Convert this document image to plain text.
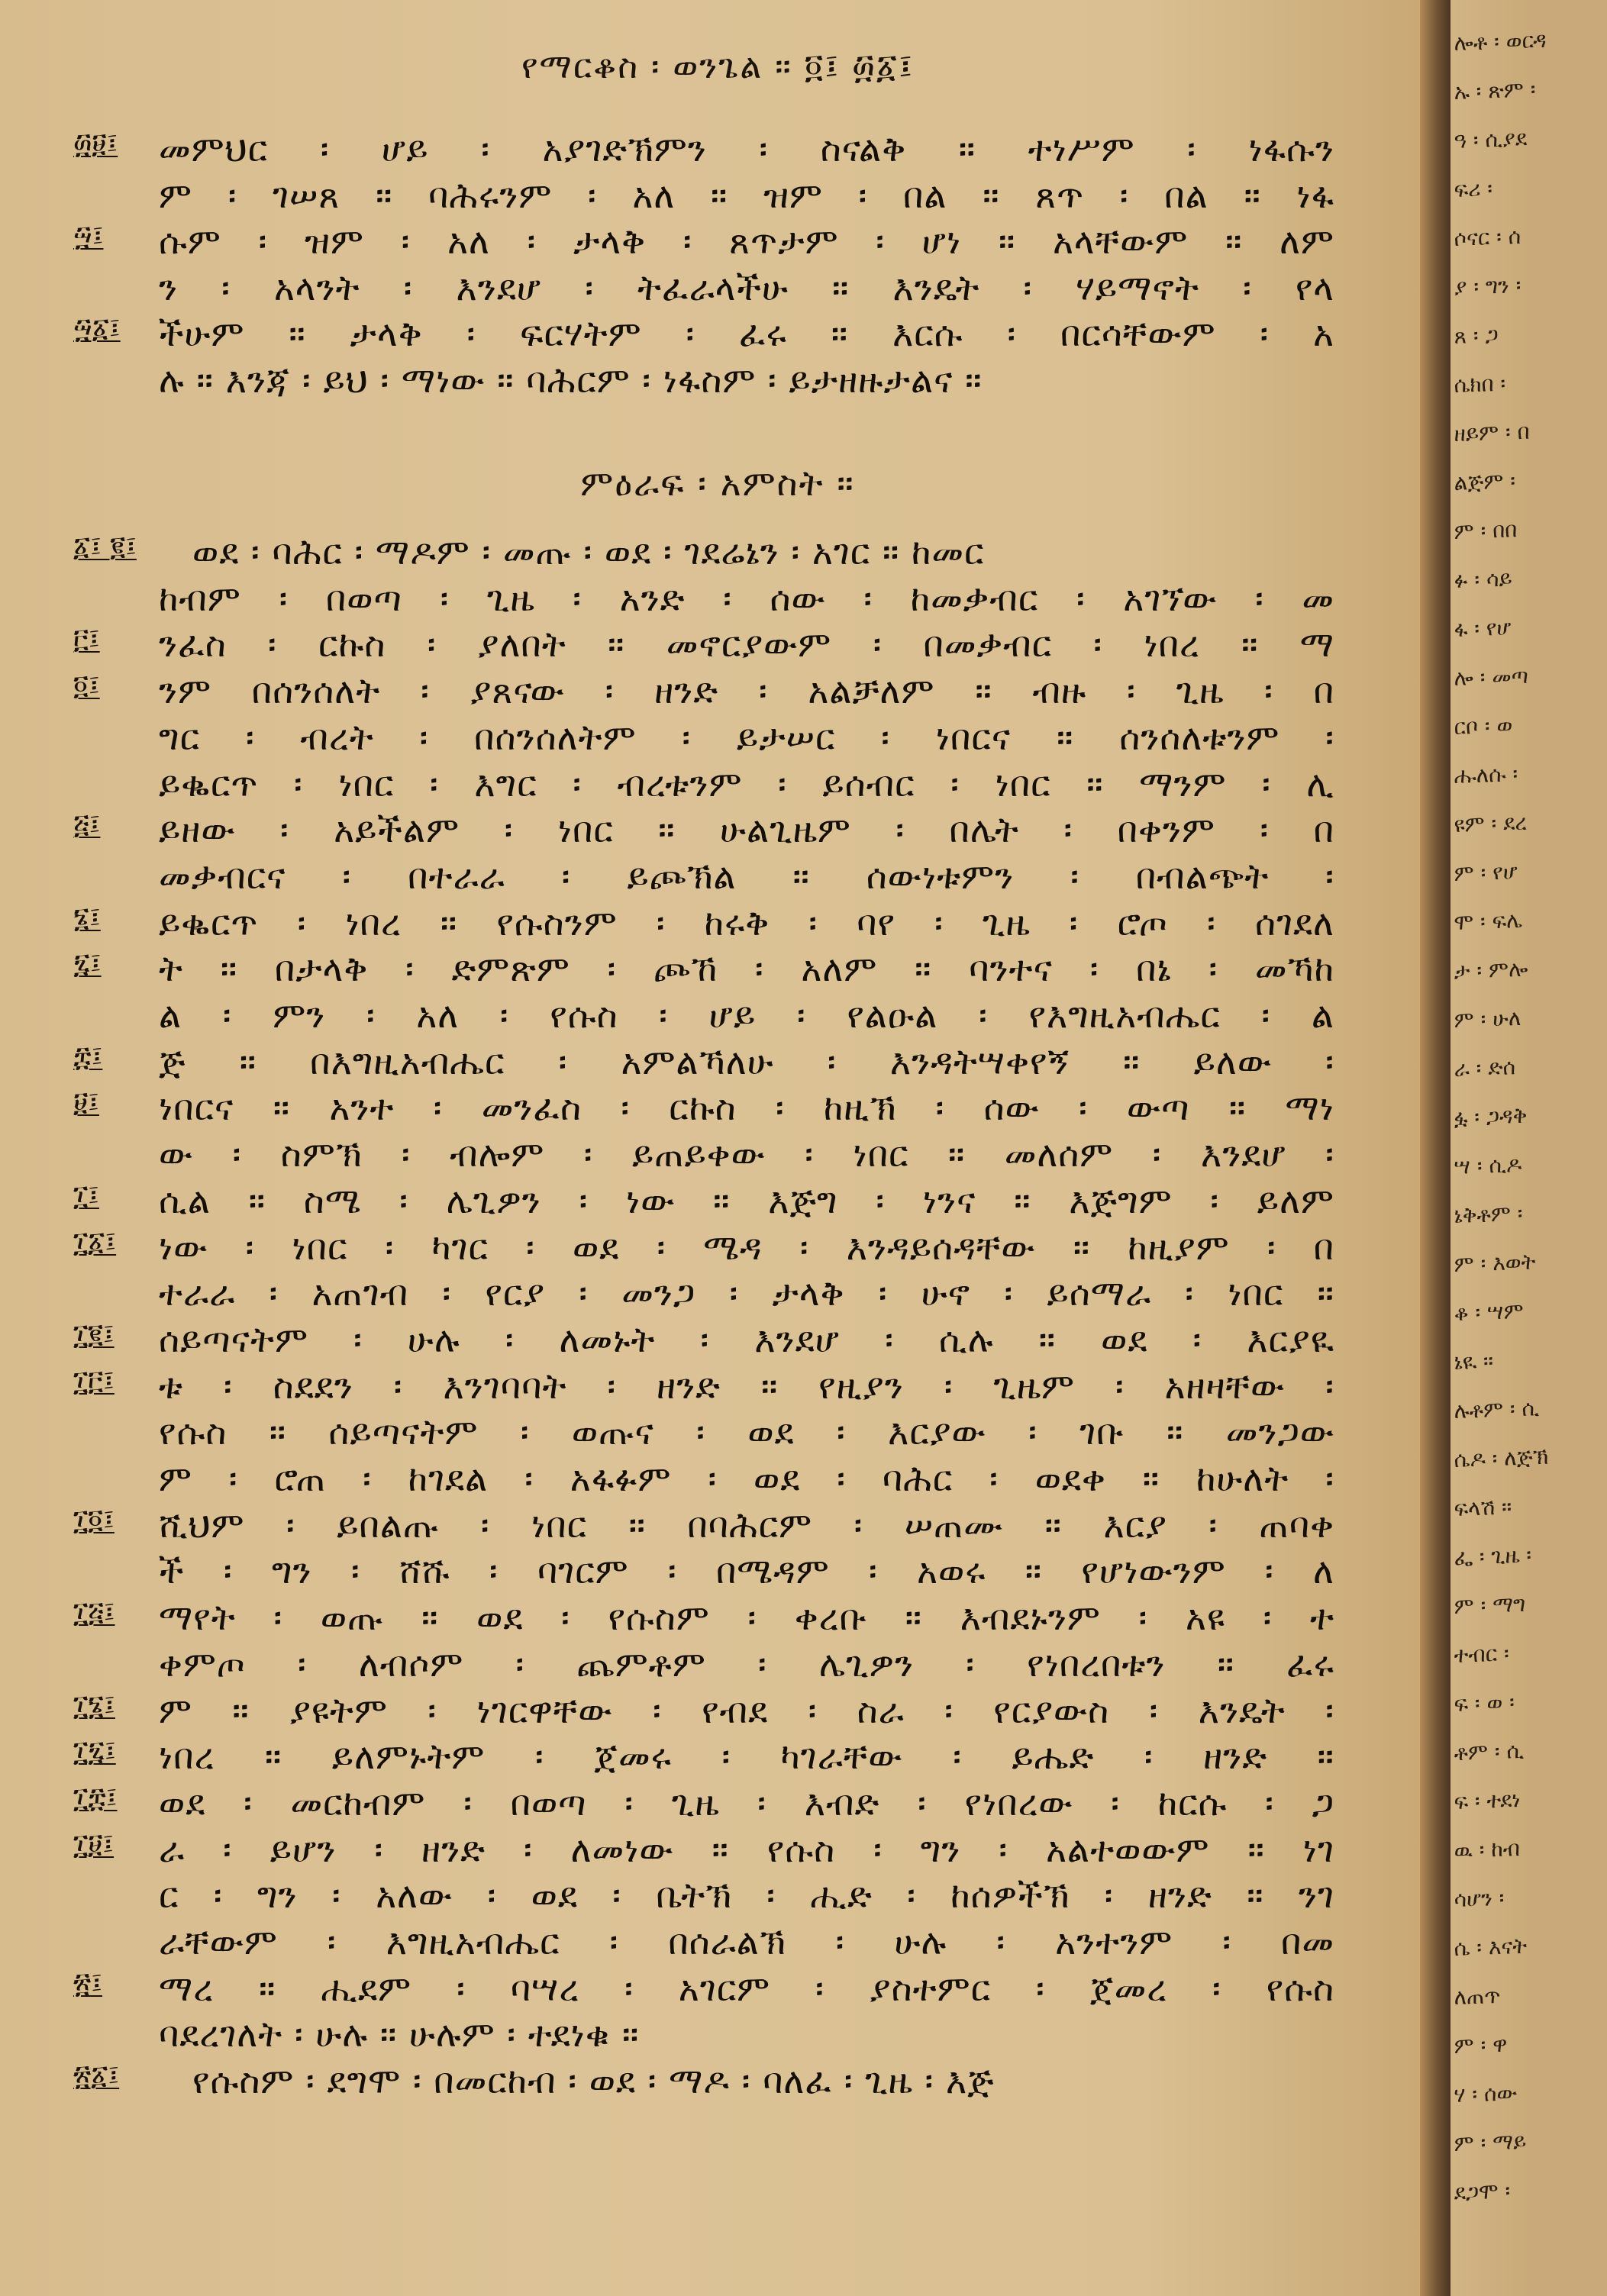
የማርቆስ ፡ ወንጌል ። ፬፤ ፴፩፤
፴፱፤ መምህር ፡ ሆይ ፡ አያገድኽምን ፡ ስናልቅ ። ተነሥም ፡ ነፋሱን
ም ፡ ገሠጸ ። ባሕሩንም ፡ አለ ። ዝም ፡ በል ። ጸጥ ፡ በል ። ነፋ
፵፤ ሱም ፡ ዝም ፡ አለ ፡ ታላቅ ፡ ጸጥታም ፡ ሆነ ። አላቸውም ። ለም
ን ፡ አላንት ፡ እንደሆ ፡ ትፈራላችሁ ። እንዴት ፡ ሃይማኖት ፡ የላ
፵፩፤ ችሁም ። ታላቅ ፡ ፍርሃትም ፡ ፈሩ ። እርሱ ፡ በርሳቸውም ፡ አ
ሉ ። እንጃ ፡ ይህ ፡ ማነው ። ባሕርም ፡ ነፋስም ፡ ይታዘዙታልና ።
፩፤ ፪፤ ወደ ፡ ባሕር ፡ ማዶም ፡ መጡ ፡ ወደ ፡ ገደሬኔን ፡ አገር ። ከመር
ከብም ፡ በወጣ ፡ ጊዜ ፡ አንድ ፡ ሰው ፡ ከመቃብር ፡ አገኘው ፡ መ
፫፤ ንፈስ ፡ ርኩስ ፡ ያለበት ። መኖርያውም ፡ በመቃብር ፡ ነበረ ። ማ
፬፤ ንም በሰንሰለት ፡ ያጸናው ፡ ዘንድ ፡ አልቻለም ። ብዙ ፡ ጊዜ ፡ በ
ግር ፡ ብረት ፡ በሰንሰለትም ፡ ይታሠር ፡ ነበርና ። ሰንሰለቱንም ፡
ይቈርጥ ፡ ነበር ፡ እግር ፡ ብረቱንም ፡ ይሰብር ፡ ነበር ። ማንም ፡ ሊ
፭፤ ይዘው ፡ አይችልም ፡ ነበር ። ሁልጊዜም ፡ በሌት ፡ በቀንም ፡ በ
መቃብርና ፡ በተራራ ፡ ይጮኽል ። ሰውነቱምን ፡ በብልጭት ፡
፮፤ ይቈርጥ ፡ ነበረ ። የሱስንም ፡ ከሩቅ ፡ ባየ ፡ ጊዜ ፡ ሮጦ ፡ ሰገደለ
፯፤ ት ። በታላቅ ፡ ድምጽም ፡ ጮኸ ፡ አለም ። ባንተና ፡ በኔ ፡ መኻከ
ል ፡ ምን ፡ አለ ፡ የሱስ ፡ ሆይ ፡ የልዑል ፡ የእግዚአብሔር ፡ ል
፰፤ ጅ ። በእግዚአብሔር ፡ አምልኻለሁ ፡ እንዳትሣቀየኝ ። ይለው ፡
፱፤ ነበርና ። አንተ ፡ መንፈስ ፡ ርኩስ ፡ ከዚኽ ፡ ሰው ፡ ውጣ ። ማነ
ው ፡ ስምኽ ፡ ብሎም ፡ ይጠይቀው ፡ ነበር ። መለሰም ፡ እንደሆ ፡
፲፤ ሲል ። ስሜ ፡ ሌጊዎን ፡ ነው ። እጅግ ፡ ነንና ። እጅግም ፡ ይለም
፲፩፤ ነው ፡ ነበር ፡ ካገር ፡ ወደ ፡ ሜዳ ፡ እንዳይሰዳቸው ። ከዚያም ፡ በ
ተራራ ፡ አጠገብ ፡ የርያ ፡ መንጋ ፡ ታላቅ ፡ ሁኖ ፡ ይሰማራ ፡ ነበር ።
፲፪፤ ሰይጣናትም ፡ ሁሉ ፡ ለመኑት ፡ እንደሆ ፡ ሲሉ ። ወደ ፡ እርያዪ
፲፫፤ ቱ ፡ ስደደን ፡ እንገባባት ፡ ዘንድ ። የዚያን ፡ ጊዜም ፡ አዘዛቸው ፡
የሱስ ። ሰይጣናትም ፡ ወጡና ፡ ወደ ፡ እርያው ፡ ገቡ ። መንጋው
ም ፡ ሮጠ ፡ ከገደል ፡ አፋፉም ፡ ወደ ፡ ባሕር ፡ ወደቀ ። ከሁለት ፡
፲፬፤ ሺህም ፡ ይበልጡ ፡ ነበር ። በባሕርም ፡ ሠጠሙ ። እርያ ፡ ጠባቀ
ች ፡ ግን ፡ ሸሹ ፡ ባገርም ፡ በሜዳም ፡ አወሩ ። የሆነውንም ፡ ለ
፲፭፤ ማየት ፡ ወጡ ። ወደ ፡ የሱስም ፡ ቀረቡ ። እብደኑንም ፡ አዩ ፡ ተ
ቀምጦ ፡ ለብሶም ፡ ጨምቶም ፡ ሌጊዎን ፡ የነበረበቱን ። ፈሩ
፲፮፤ ም ። ያዩትም ፡ ነገርዋቸው ፡ የብደ ፡ ስራ ፡ የርያውስ ፡ እንዴት ፡
፲፯፤ ነበረ ። ይለምኑትም ፡ ጀመሩ ፡ ካገራቸው ፡ ይሔድ ፡ ዘንድ ።
፲፰፤ ወደ ፡ መርከብም ፡ በወጣ ፡ ጊዜ ፡ እብድ ፡ የነበረው ፡ ከርሱ ፡ ጋ
፲፱፤ ራ ፡ ይሆን ፡ ዘንድ ፡ ለመነው ። የሱስ ፡ ግን ፡ አልተወውም ። ነገ
ር ፡ ግን ፡ አለው ፡ ወደ ፡ ቤትኽ ፡ ሒድ ፡ ከሰዎችኽ ፡ ዘንድ ። ንገ
ራቸውም ፡ እግዚአብሔር ፡ በሰራልኽ ፡ ሁሉ ፡ አንተንም ፡ በመ
፳፤ ማረ ። ሒደም ፡ ባሣረ ፡ አገርም ፡ ያስተምር ፡ ጀመረ ፡ የሱስ
ባደረገለት ፡ ሁሉ ። ሁሉም ፡ ተደነቁ ።
፳፩፤ የሱስም ፡ ደግሞ ፡ በመርከብ ፡ ወደ ፡ ማዶ ፡ ባለፈ ፡ ጊዜ ፡ እጅ
ምዕራፍ ፡ አምስት ።
ሎቶ ፡ ወርዳ
ኡ ፡ ጽም ፡
ዓ ፡ ሲያደ
ፍሪ ፡
ሶናር ፡ ሰ
ያ ፡ ግን ፡
ጸ ፡ ጋ
ሴክበ ፡
ዘይም ፡ በ
ልጅም ፡
ም ፡ በበ
ፉ ፡ ሳይ
ፋ ፡ የሆ
ሎ ፡ መጣ
ርቦ ፡ ወ
ሑለሱ ፡
ዩም ፡ ደረ
ም ፡ የሆ
ሞ ፡ ፍሌ
ታ ፡ ምሎ
ም ፡ ሁለ
ራ ፡ ድሰ
ፏ ፡ ጋዳቅ
ሣ ፡ ሲዶ
ኔቅቶም ፡
ም ፡ እወት
ቆ ፡ ሣም
ኔዪ ።
ሉቶም ፡ ሲ
ሴዶ ፡ ለጅኽ
ፍላሽ ።
ፌ ፡ ጊዜ ፡
ም ፡ ማግ
ተብር ፡
ፍ ፡ ወ ፡
ቶም ፡ ሲ
ፍ ፡ ተደነ
ዉ ፡ ከብ
ሳሆን ፡
ሴ ፡ እናት
ለጠጥ
ም ፡ ዋ
ሃ ፡ ሰው
ም ፡ ማይ
ደጋሞ ፡
